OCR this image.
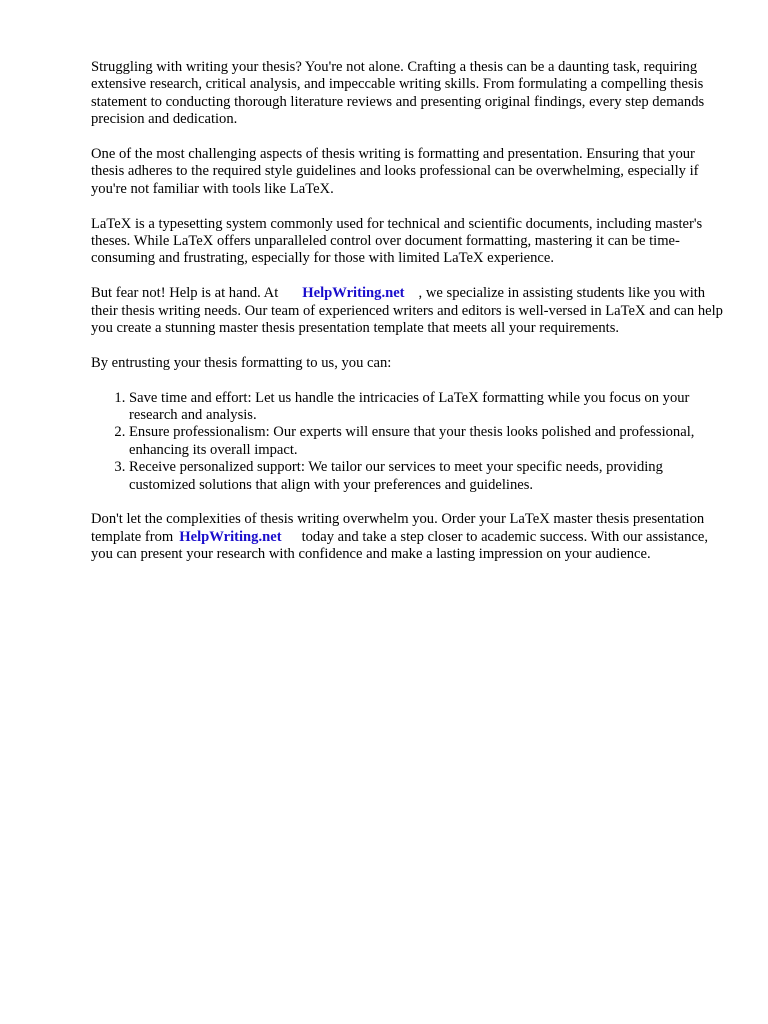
Struggling with writing your thesis? You're not alone. Crafting a thesis can be a daunting task, requiring extensive research, critical analysis, and impeccable writing skills. From formulating a compelling thesis statement to conducting thorough literature reviews and presenting original findings, every step demands precision and dedication.

One of the most challenging aspects of thesis writing is formatting and presentation. Ensuring that your thesis adheres to the required style guidelines and looks professional can be overwhelming, especially if you're not familiar with tools like LaTeX.

LaTeX is a typesetting system commonly used for technical and scientific documents, including master's theses. While LaTeX offers unparalleled control over document formatting, mastering it can be time-consuming and frustrating, especially for those with limited LaTeX experience.

But fear not! Help is at hand. At HelpWriting.net , we specialize in assisting students like you with their thesis writing needs. Our team of experienced writers and editors is well-versed in LaTeX and can help you create a stunning master thesis presentation template that meets all your requirements.

By entrusting your thesis formatting to us, you can:

1. Save time and effort: Let us handle the intricacies of LaTeX formatting while you focus on your research and analysis.
2. Ensure professionalism: Our experts will ensure that your thesis looks polished and professional, enhancing its overall impact.
3. Receive personalized support: We tailor our services to meet your specific needs, providing customized solutions that align with your preferences and guidelines.

Don't let the complexities of thesis writing overwhelm you. Order your LaTeX master thesis presentation template from HelpWriting.net today and take a step closer to academic success. With our assistance, you can present your research with confidence and make a lasting impression on your audience.
